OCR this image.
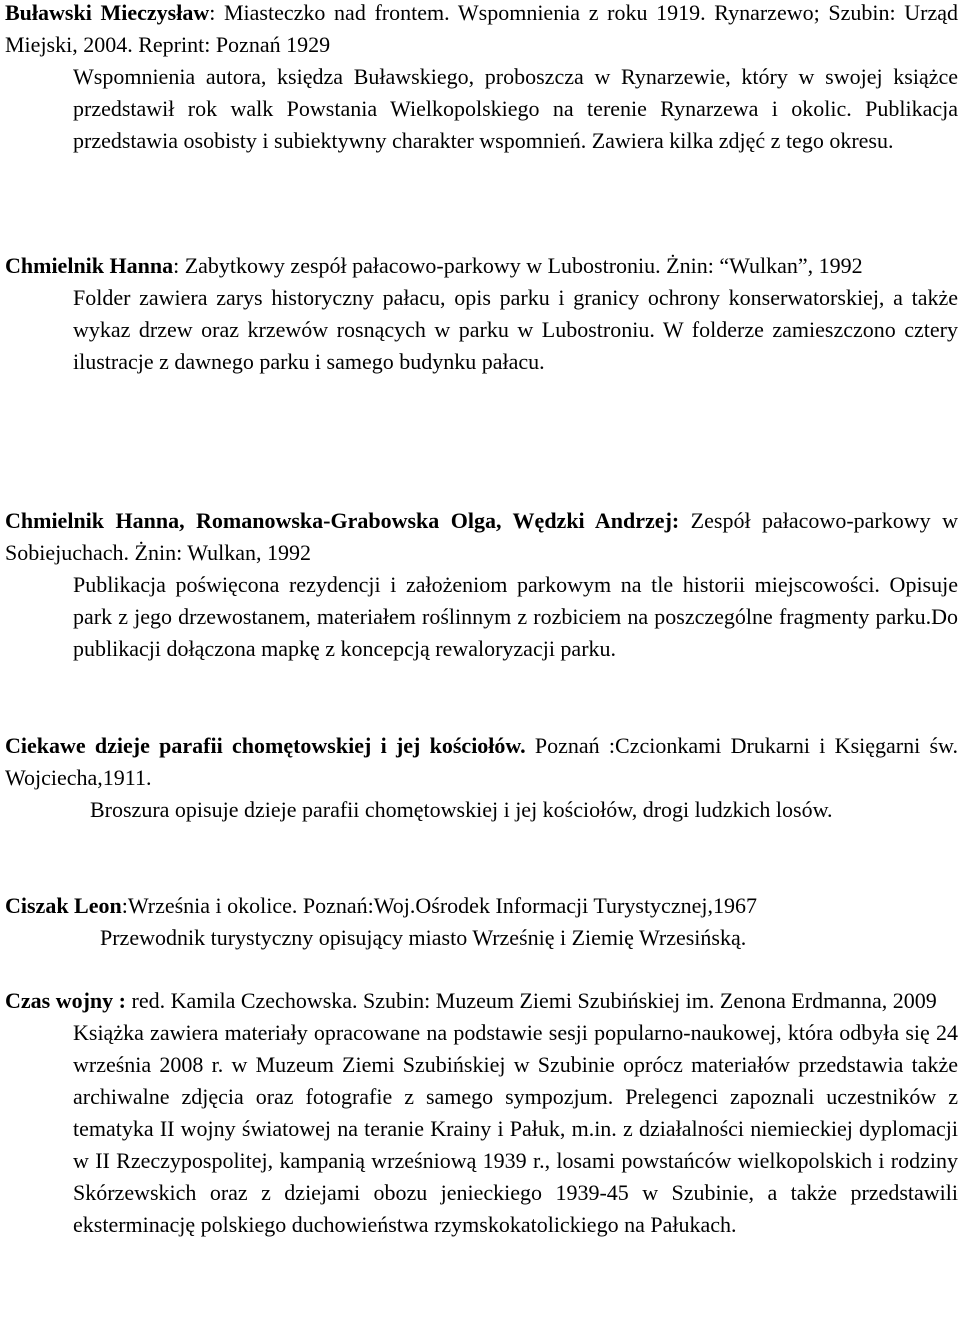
Buławski Mieczysław: Miasteczko nad frontem. Wspomnienia z roku 1919. Rynarzewo; Szubin: Urząd Miejski, 2004. Reprint: Poznań 1929

Wspomnienia autora, księdza Buławskiego, proboszcza w Rynarzewie, który w swojej książce przedstawił rok walk Powstania Wielkopolskiego na terenie Rynarzewa i okolic. Publikacja przedstawia osobisty i subiektywny charakter wspomnień. Zawiera kilka zdjęć z tego okresu.

Chmielnik Hanna: Zabytkowy zespół pałacowo-parkowy w Lubostroniu. Żnin: “Wulkan”, 1992

Folder zawiera zarys historyczny pałacu, opis parku i granicy ochrony konserwatorskiej, a także wykaz drzew oraz krzewów rosnących w parku w Lubostroniu. W folderze zamieszczono cztery ilustracje z dawnego parku i samego budynku pałacu.

Chmielnik Hanna, Romanowska-Grabowska Olga, Wędzki Andrzej: Zespół pałacowo-parkowy w Sobiejuchach. Żnin: Wulkan, 1992

Publikacja poświęcona rezydencji i założeniom parkowym na tle historii miejscowości. Opisuje park z jego drzewostanem, materiałem roślinnym z rozbiciem na poszczególne fragmenty parku.Do publikacji dołączona mapkę z koncepcją rewaloryzacji parku.

Ciekawe dzieje parafii chomętowskiej i jej kościołów. Poznań :Czcionkami Drukarni i Księgarni św. Wojciecha,1911.

Broszura opisuje dzieje parafii chomętowskiej i jej kościołów, drogi ludzkich losów.

Ciszak Leon:Września i okolice. Poznań:Woj.Ośrodek Informacji Turystycznej,1967

Przewodnik turystyczny opisujący miasto Wrześnię i Ziemię Wrzesińską.

Czas wojny : red. Kamila Czechowska. Szubin: Muzeum Ziemi Szubińskiej im. Zenona Erdmanna, 2009

Książka zawiera materiały opracowane na podstawie sesji popularno-naukowej, która odbyła się 24 września 2008 r. w Muzeum Ziemi Szubińskiej w Szubinie oprócz materiałów przedstawia także archiwalne zdjęcia oraz fotografie z samego sympozjum. Prelegenci zapoznali uczestników z tematyka II wojny światowej na teranie Krainy i Pałuk, m.in. z działalności niemieckiej dyplomacji w II Rzeczypospolitej, kampanią wrześniową 1939 r., losami powstańców wielkopolskich i rodziny Skórzewskich oraz z dziejami obozu jenieckiego 1939-45 w Szubinie, a także przedstawili eksterminację polskiego duchowieństwa rzymskokatolickiego na Pałukach.
